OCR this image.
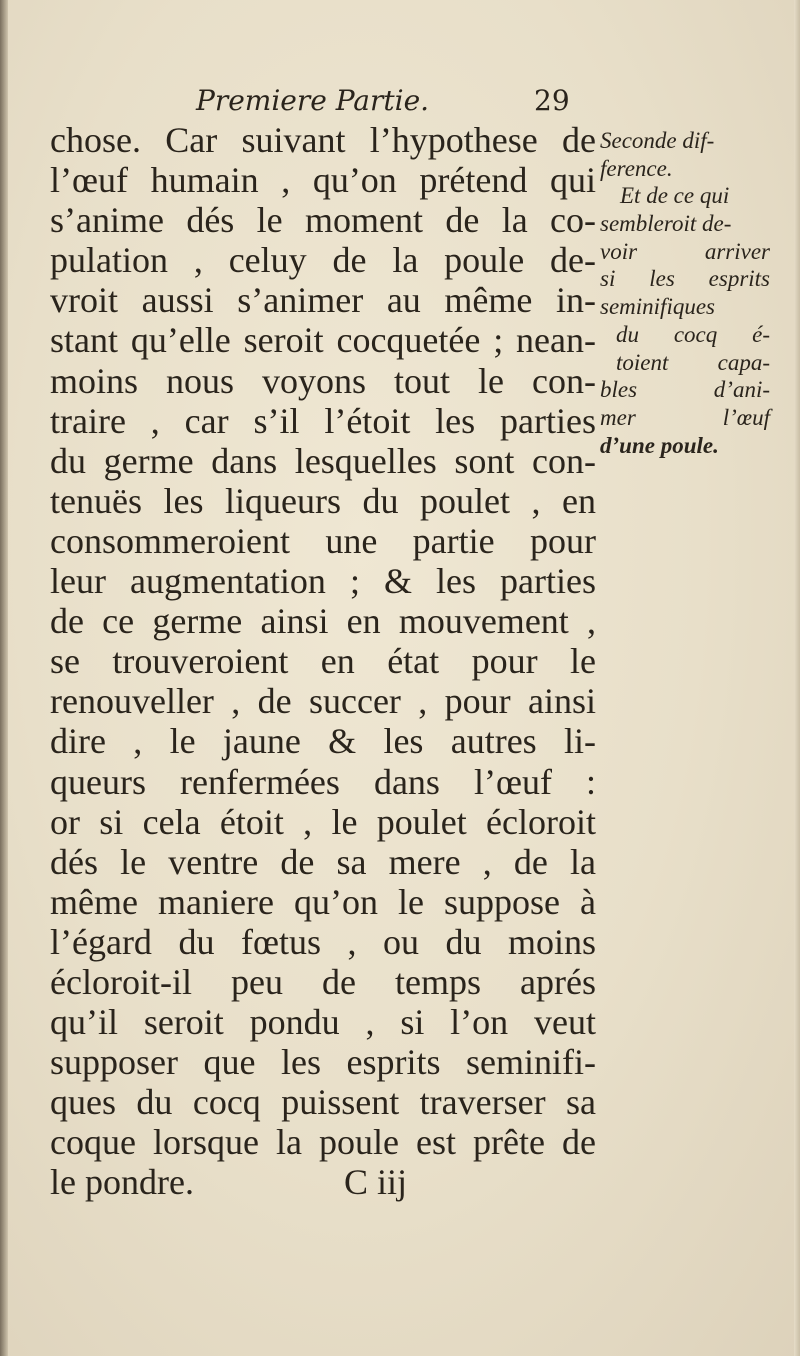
Premiere Partie.	29
chose. Car suivant l’hypothese de
l’œuf humain , qu’on prétend qui
s’anime dés le moment de la co-
pulation , celuy de la poule de-
vroit aussi s’animer au même in-
stant qu’elle seroit cocquetée ; nean-
moins nous voyons tout le con-
traire , car s’il l’étoit les parties
du germe dans lesquelles sont con-
tenuës les liqueurs du poulet , en
consommeroient une partie pour
leur augmentation ; & les parties
de ce germe ainsi en mouvement ,
se trouveroient en état pour le
renouveller , de succer , pour ainsi
dire , le jaune & les autres li-
queurs renfermées dans l’œuf :
or si cela étoit , le poulet écloroit
dés le ventre de sa mere , de la
même maniere qu’on le suppose à
l’égard du fœtus , ou du moins
écloroit-il peu de temps aprés
qu’il seroit pondu , si l’on veut
supposer que les esprits seminifi-
ques du cocq puissent traverser sa
coque lorsque la poule est prête de
le pondre.	C iij
Seconde dif-
ference.
Et de ce qui
sembleroit de-
voir arriver
si les esprits
seminifiques
du cocq é-
toient capa-
bles d’ani-
mer l’œuf
d’une poule.
